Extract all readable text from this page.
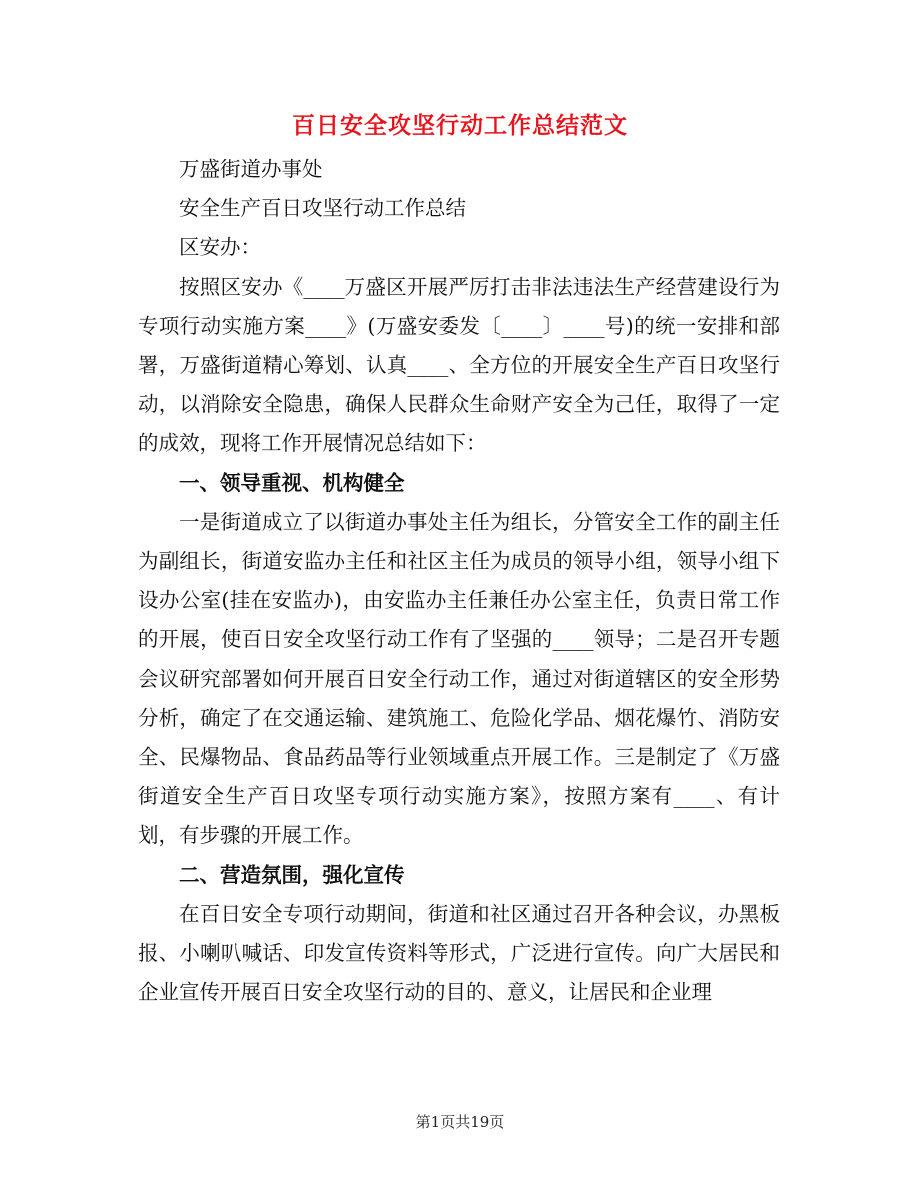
百日安全攻坚行动工作总结范文

万盛街道办事处

安全生产百日攻坚行动工作总结

区安办：

按照区安办《____万盛区开展严厉打击非法违法生产经营建设行为专项行动实施方案____》(万盛安委发〔____〕____号)的统一安排和部署，万盛街道精心筹划、认真____、全方位的开展安全生产百日攻坚行动，以消除安全隐患，确保人民群众生命财产安全为己任，取得了一定的成效，现将工作开展情况总结如下：

一、领导重视、机构健全

一是街道成立了以街道办事处主任为组长，分管安全工作的副主任为副组长，街道安监办主任和社区主任为成员的领导小组，领导小组下设办公室(挂在安监办)，由安监办主任兼任办公室主任，负责日常工作的开展，使百日安全攻坚行动工作有了坚强的____领导；二是召开专题会议研究部署如何开展百日安全行动工作，通过对街道辖区的安全形势分析，确定了在交通运输、建筑施工、危险化学品、烟花爆竹、消防安全、民爆物品、食品药品等行业领域重点开展工作。三是制定了《万盛街道安全生产百日攻坚专项行动实施方案》，按照方案有____、有计划，有步骤的开展工作。

二、营造氛围，强化宣传

在百日安全专项行动期间，街道和社区通过召开各种会议，办黑板报、小喇叭喊话、印发宣传资料等形式，广泛进行宣传。向广大居民和企业宣传开展百日安全攻坚行动的目的、意义，让居民和企业理

第1页共19页
